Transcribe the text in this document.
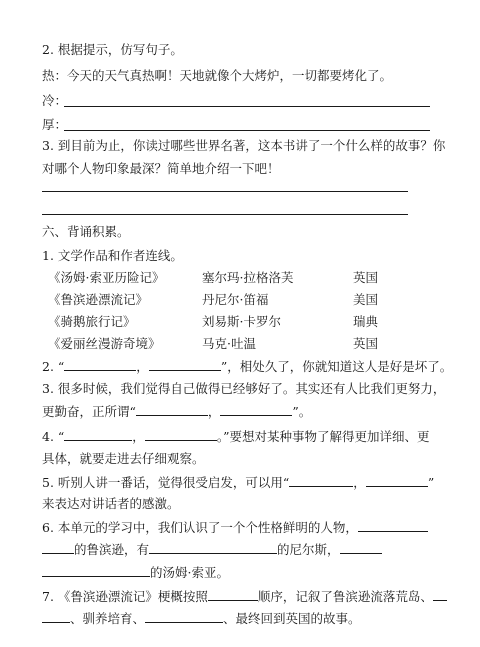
2. 根据提示，仿写句子。
热：今天的天气真热啊！天地就像个大烤炉，一切都要烤化了。
冷：
厚：
3. 到目前为止，你读过哪些世界名著，这本书讲了一个什么样的故事？你
对哪个人物印象最深？简单地介绍一下吧！
六、背诵积累。
1. 文学作品和作者连线。
《汤姆·索亚历险记》	塞尔玛·拉格洛芙	英国
《鲁滨逊漂流记》	丹尼尔·笛福	美国
《骑鹅旅行记》	刘易斯·卡罗尔	瑞典
《爱丽丝漫游奇境》	马克·吐温	英国
2. “	，	”，相处久了，你就知道这人是好是坏了。
3. 很多时候，我们觉得自己做得已经够好了。其实还有人比我们更努力，
更勤奋，正所谓“	，	”。
4. “	，	。”要想对某种事物了解得更加详细、更
具体，就要走进去仔细观察。
5. 听别人讲一番话，觉得很受启发，可以用“	，	”
来表达对讲话者的感激。
6. 本单元的学习中，我们认识了一个个性格鲜明的人物，
的鲁滨逊，有	的尼尔斯，
的汤姆·索亚。
7. 《鲁滨逊漂流记》梗概按照	顺序，记叙了鲁滨逊流落荒岛、
、驯养培育、	、最终回到英国的故事。
